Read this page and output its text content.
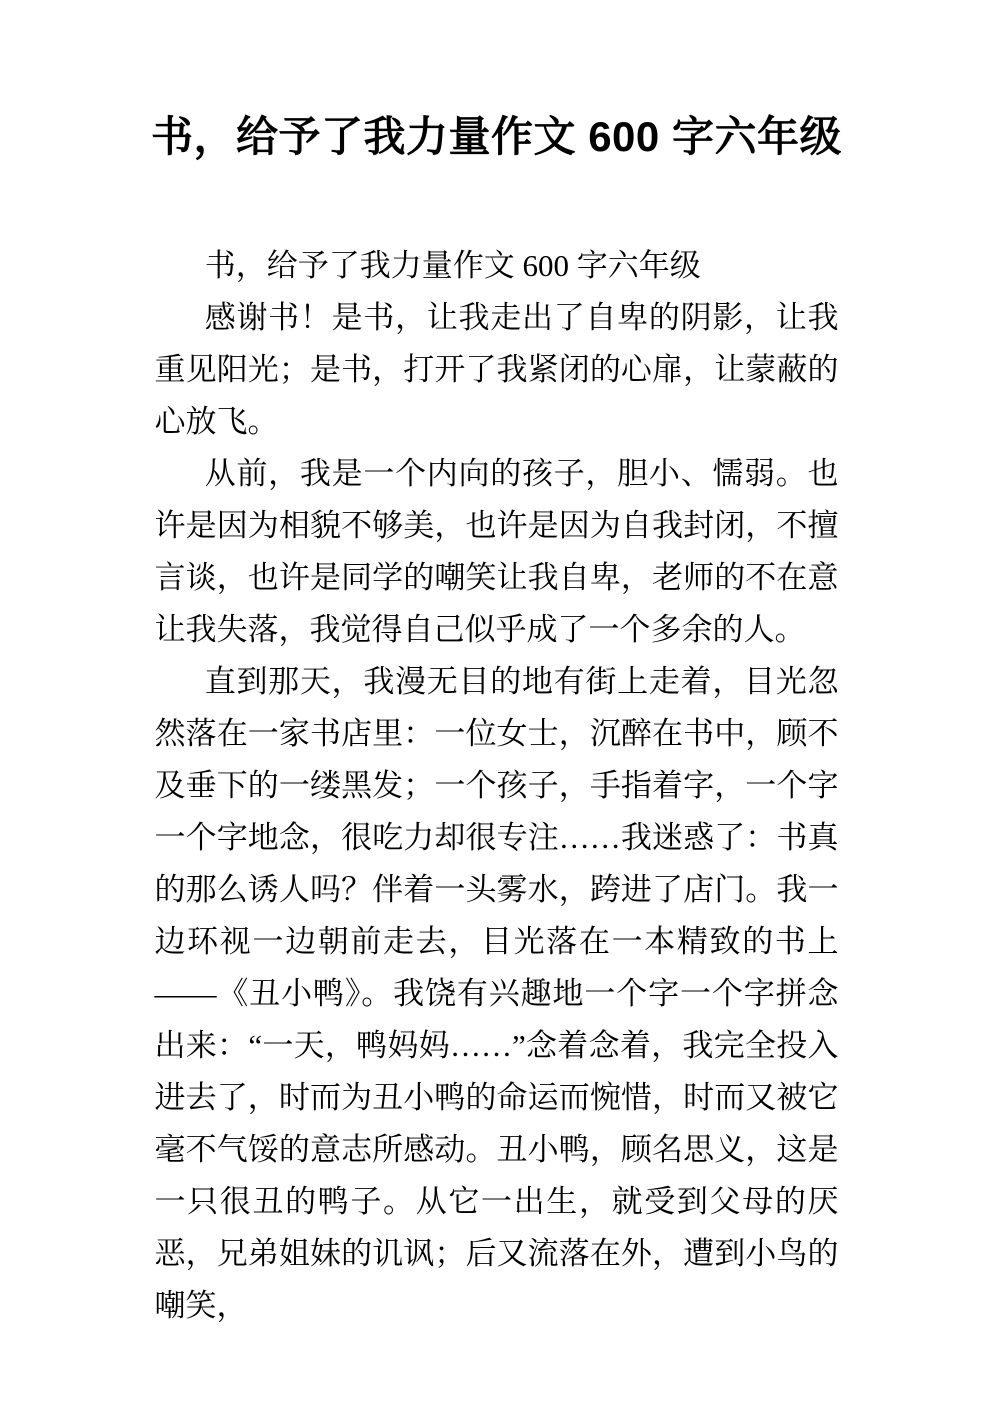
书，给予了我力量作文 600 字六年级

书，给予了我力量作文 600 字六年级

感谢书！是书，让我走出了自卑的阴影，让我重见阳光；是书，打开了我紧闭的心扉，让蒙蔽的心放飞。

从前，我是一个内向的孩子，胆小、懦弱。也许是因为相貌不够美，也许是因为自我封闭，不擅言谈，也许是同学的嘲笑让我自卑，老师的不在意让我失落，我觉得自己似乎成了一个多余的人。

直到那天，我漫无目的地有街上走着，目光忽然落在一家书店里：一位女士，沉醉在书中，顾不及垂下的一缕黑发；一个孩子，手指着字，一个字一个字地念，很吃力却很专注……我迷惑了：书真的那么诱人吗？伴着一头雾水，跨进了店门。我一边环视一边朝前走去，目光落在一本精致的书上——《丑小鸭》。我饶有兴趣地一个字一个字拼念出来：“一天，鸭妈妈……”念着念着，我完全投入进去了，时而为丑小鸭的命运而惋惜，时而又被它毫不气馁的意志所感动。丑小鸭，顾名思义，这是一只很丑的鸭子。从它一出生，就受到父母的厌恶，兄弟姐妹的讥讽；后又流落在外，遭到小鸟的嘲笑，
